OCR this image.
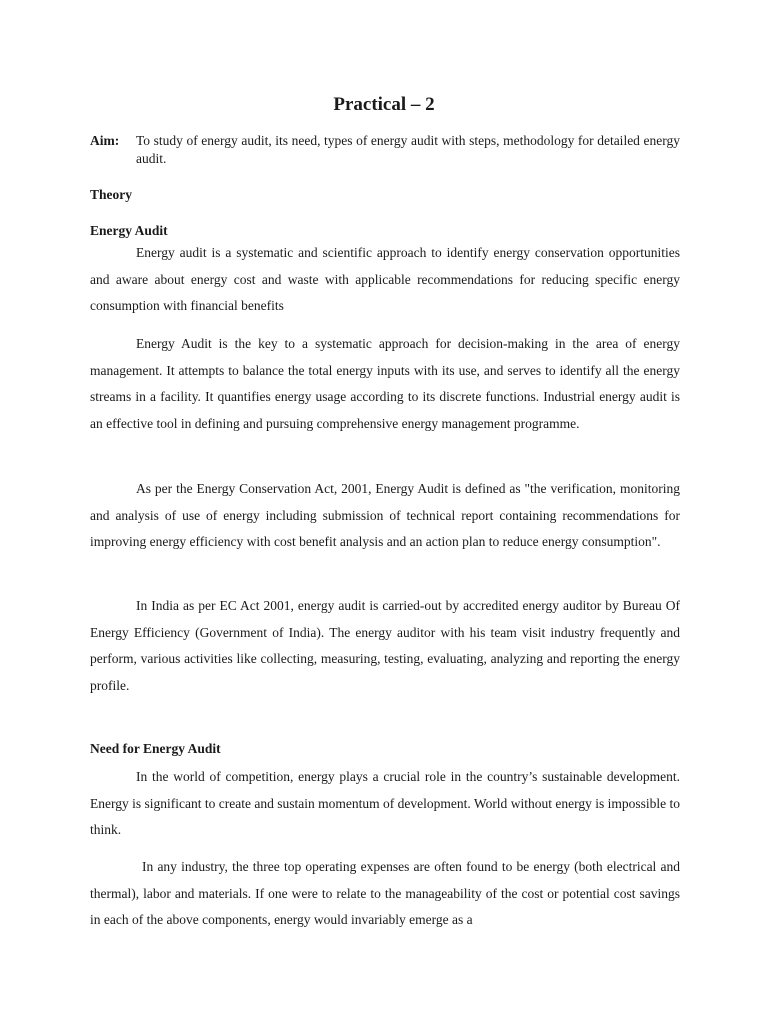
Practical – 2
Aim:	To study of energy audit, its need, types of energy audit with steps, methodology for detailed energy audit.
Theory
Energy Audit

Energy audit is a systematic and scientific approach to identify energy conservation opportunities and aware about energy cost and waste with applicable recommendations for reducing specific energy consumption with financial benefits

Energy Audit is the key to a systematic approach for decision-making in the area of energy management. It attempts to balance the total energy inputs with its use, and serves to identify all the energy streams in a facility. It quantifies energy usage according to its discrete functions. Industrial energy audit is an effective tool in defining and pursuing comprehensive energy management programme.

As per the Energy Conservation Act, 2001, Energy Audit is defined as "the verification, monitoring and analysis of use of energy including submission of technical report containing recommendations for improving energy efficiency with cost benefit analysis and an action plan to reduce energy consumption".

In India as per EC Act 2001, energy audit is carried-out by accredited energy auditor by Bureau Of Energy Efficiency (Government of India). The energy auditor with his team visit industry frequently and perform, various activities like collecting, measuring, testing, evaluating, analyzing and reporting the energy profile.

Need for Energy Audit

In the world of competition, energy plays a crucial role in the country’s sustainable development. Energy is significant to create and sustain momentum of development. World without energy is impossible to think.

In any industry, the three top operating expenses are often found to be energy (both electrical and thermal), labor and materials. If one were to relate to the manageability of the cost or potential cost savings in each of the above components, energy would invariably emerge as a
